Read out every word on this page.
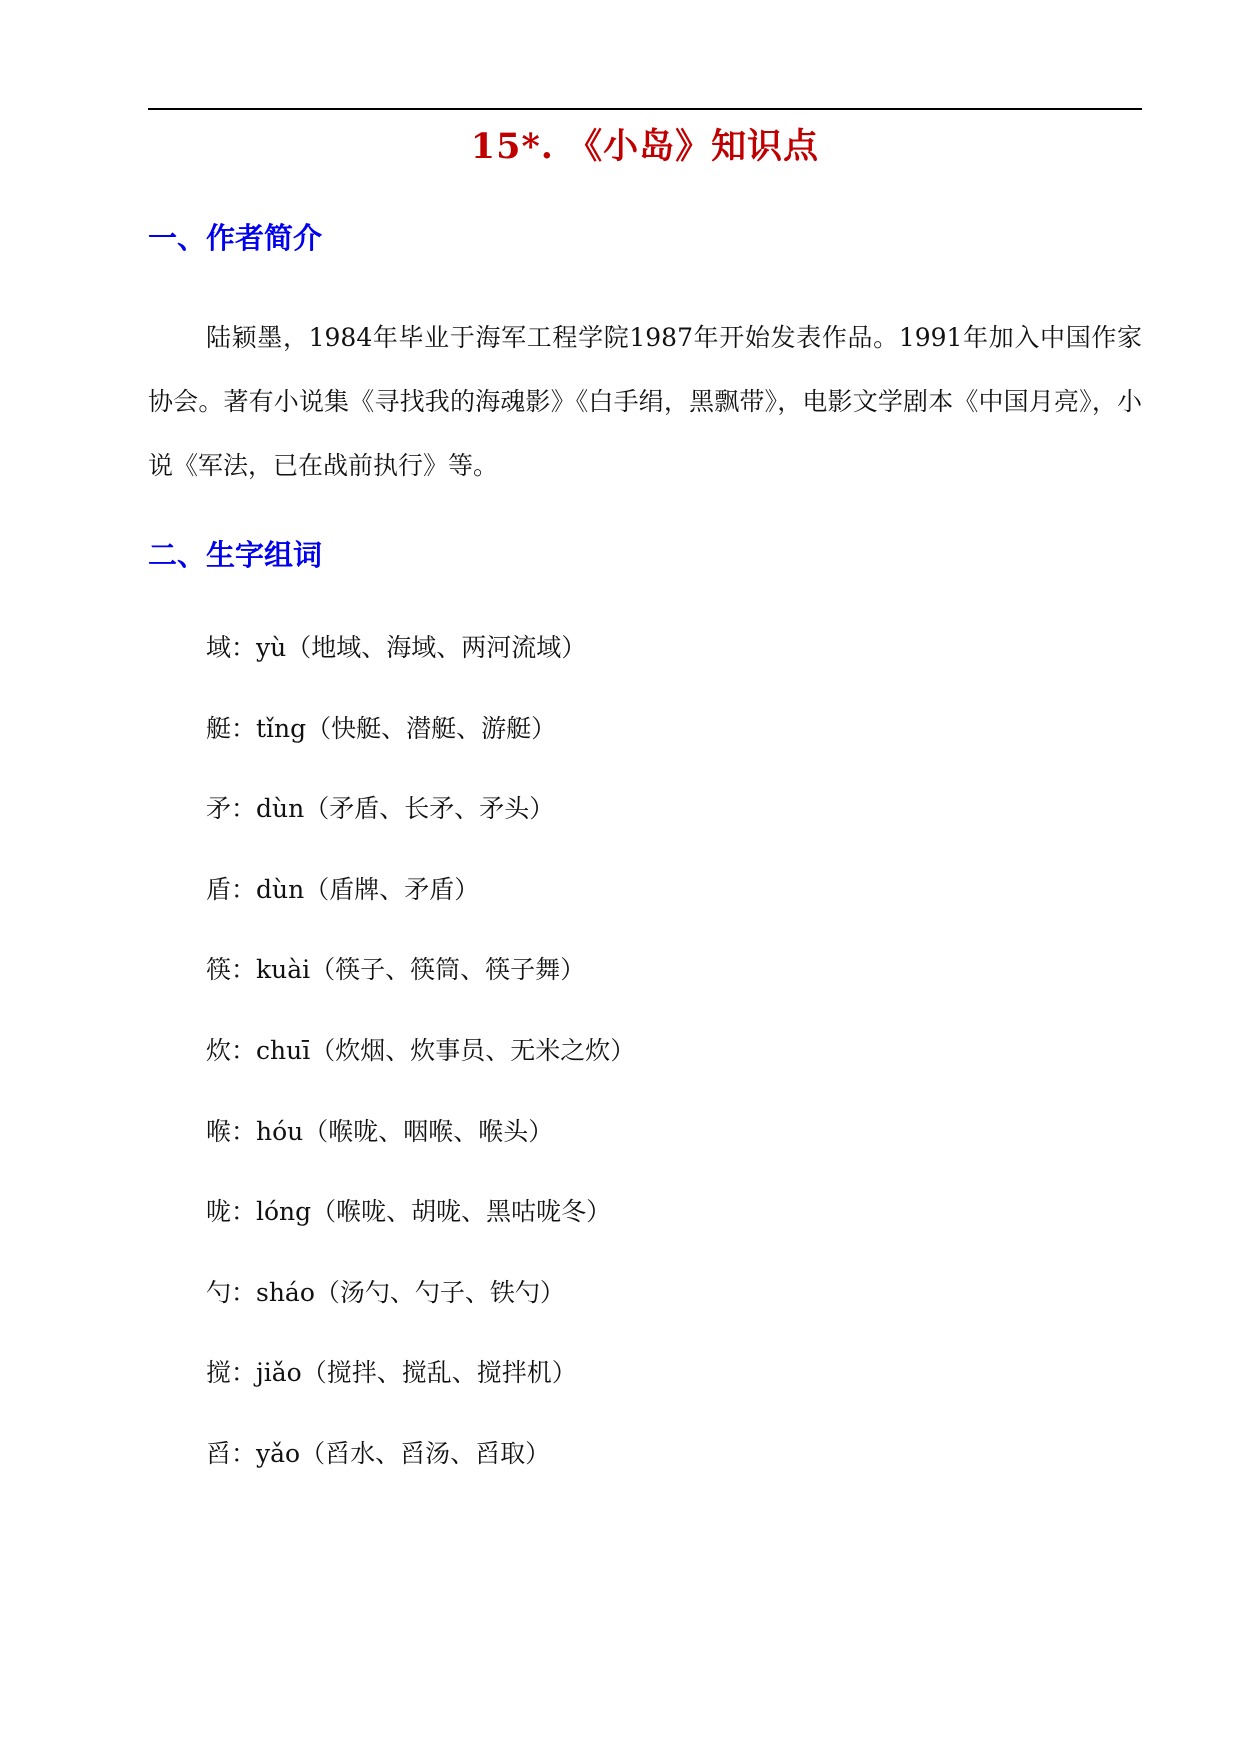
15*. 《小岛》知识点
一、作者简介

陆颖墨，1984年毕业于海军工程学院1987年开始发表作品。1991年加入中国作家协会。著有小说集《寻找我的海魂影》《白手绢，黑飘带》，电影文学剧本《中国月亮》，小说《军法，已在战前执行》等。

二、生字组词
域：yù（地域、海域、两河流域）
艇：tǐng（快艇、潜艇、游艇）
矛：dùn（矛盾、长矛、矛头）
盾：dùn（盾牌、矛盾）
筷：kuài（筷子、筷筒、筷子舞）
炊：chuī（炊烟、炊事员、无米之炊）
喉：hóu（喉咙、咽喉、喉头）
咙：lóng（喉咙、胡咙、黑咕咙冬）
勺：sháo（汤勺、勺子、铁勺）
搅：jiǎo（搅拌、搅乱、搅拌机）
舀：yǎo（舀水、舀汤、舀取）
